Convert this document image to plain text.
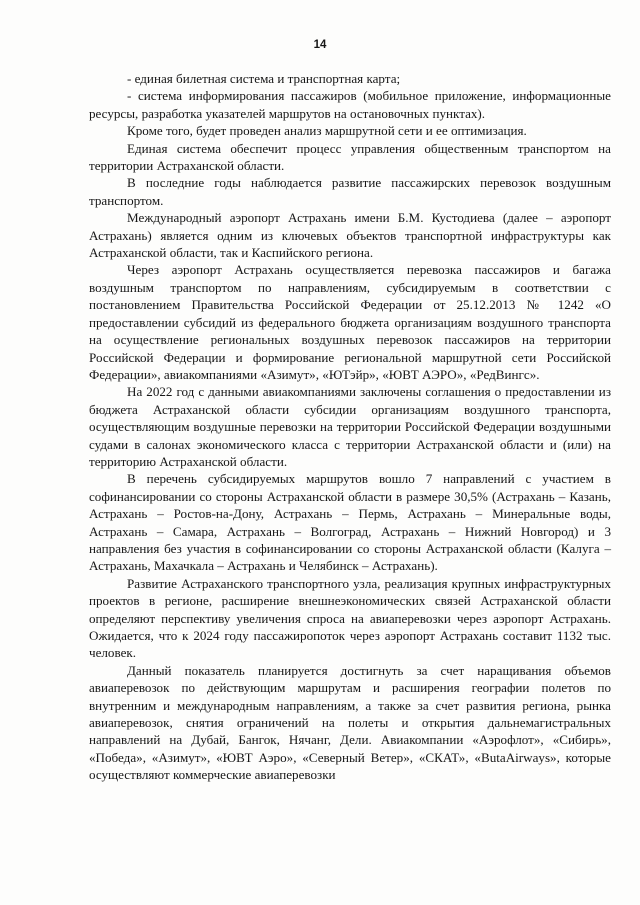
14

- единая билетная система и транспортная карта;

- система информирования пассажиров (мобильное приложение, информационные ресурсы, разработка указателей маршрутов на остановочных пунктах).

Кроме того, будет проведен анализ маршрутной сети и ее оптимизация.

Единая система обеспечит процесс управления общественным транспортом на территории Астраханской области.

В последние годы наблюдается развитие пассажирских перевозок воздушным транспортом.

Международный аэропорт Астрахань имени Б.М. Кустодиева (далее – аэропорт Астрахань) является одним из ключевых объектов транспортной инфраструктуры как Астраханской области, так и Каспийского региона.

Через аэропорт Астрахань осуществляется перевозка пассажиров и багажа воздушным транспортом по направлениям, субсидируемым в соответствии с постановлением Правительства Российской Федерации от 25.12.2013 № 1242 «О предоставлении субсидий из федерального бюджета организациям воздушного транспорта на осуществление региональных воздушных перевозок пассажиров на территории Российской Федерации и формирование региональной маршрутной сети Российской Федерации», авиакомпаниями «Азимут», «ЮТэйр», «ЮВТ АЭРО», «РедВингс».

На 2022 год с данными авиакомпаниями заключены соглашения о предоставлении из бюджета Астраханской области субсидии организациям воздушного транспорта, осуществляющим воздушные перевозки на территории Российской Федерации воздушными судами в салонах экономического класса с территории Астраханской области и (или) на территорию Астраханской области.

В перечень субсидируемых маршрутов вошло 7 направлений с участием в софинансировании со стороны Астраханской области в размере 30,5% (Астрахань – Казань, Астрахань – Ростов-на-Дону, Астрахань – Пермь, Астрахань – Минеральные воды, Астрахань – Самара, Астрахань – Волгоград, Астрахань – Нижний Новгород) и 3 направления без участия в софинансировании со стороны Астраханской области (Калуга – Астрахань, Махачкала – Астрахань и Челябинск – Астрахань).

Развитие Астраханского транспортного узла, реализация крупных инфраструктурных проектов в регионе, расширение внешнеэкономических связей Астраханской области определяют перспективу увеличения спроса на авиаперевозки через аэропорт Астрахань. Ожидается, что к 2024 году пассажиропоток через аэропорт Астрахань составит 1132 тыс. человек.

Данный показатель планируется достигнуть за счет наращивания объемов авиаперевозок по действующим маршрутам и расширения географии полетов по внутренним и международным направлениям, а также за счет развития региона, рынка авиаперевозок, снятия ограничений на полеты и открытия дальнемагистральных направлений на Дубай, Бангок, Нячанг, Дели. Авиакомпании «Аэрофлот», «Сибирь», «Победа», «Азимут», «ЮВТ Аэро», «Северный Ветер», «СКАТ», «ButaAirways», которые осуществляют коммерческие авиаперевозки
